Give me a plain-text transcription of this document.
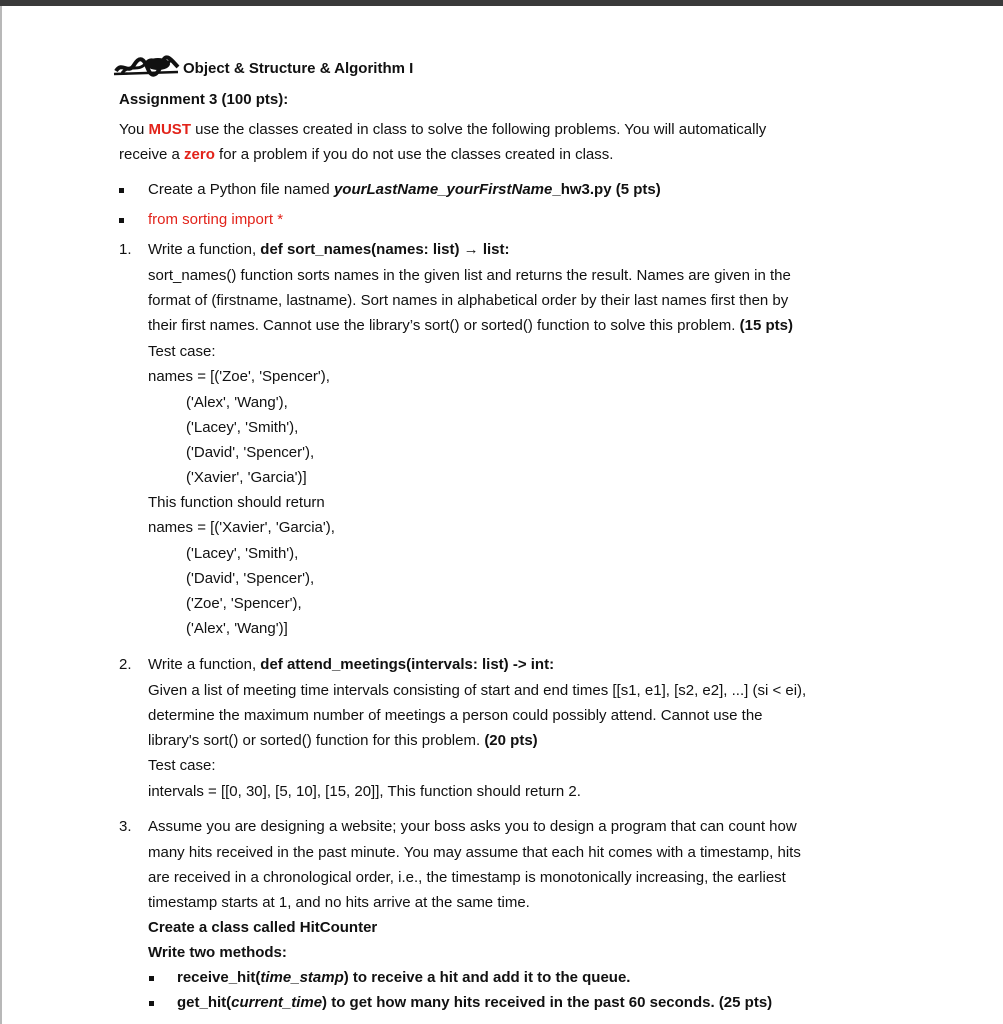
Object & Structure & Algorithm I
Assignment 3 (100 pts):
You MUST use the classes created in class to solve the following problems. You will automatically
receive a zero for a problem if you do not use the classes created in class.
Create a Python file named yourLastName_yourFirstName_hw3.py (5 pts)
from sorting import *
1. Write a function, def sort_names(names: list) → list:
sort_names() function sorts names in the given list and returns the result. Names are given in the
format of (firstname, lastname). Sort names in alphabetical order by their last names first then by
their first names. Cannot use the library’s sort() or sorted() function to solve this problem. (15 pts)
Test case:
names = [('Zoe', 'Spencer'),
('Alex', 'Wang'),
('Lacey', 'Smith'),
('David', 'Spencer'),
('Xavier', 'Garcia')]
This function should return
names = [('Xavier', 'Garcia'),
('Lacey', 'Smith'),
('David', 'Spencer'),
('Zoe', 'Spencer'),
('Alex', 'Wang')]
2. Write a function, def attend_meetings(intervals: list) -> int:
Given a list of meeting time intervals consisting of start and end times [[s1, e1], [s2, e2], ...] (si < ei),
determine the maximum number of meetings a person could possibly attend. Cannot use the
library's sort() or sorted() function for this problem. (20 pts)
Test case:
intervals = [[0, 30], [5, 10], [15, 20]], This function should return 2.
3. Assume you are designing a website; your boss asks you to design a program that can count how
many hits received in the past minute. You may assume that each hit comes with a timestamp, hits
are received in a chronological order, i.e., the timestamp is monotonically increasing, the earliest
timestamp starts at 1, and no hits arrive at the same time.
Create a class called HitCounter
Write two methods:
receive_hit(time_stamp) to receive a hit and add it to the queue.
get_hit(current_time) to get how many hits received in the past 60 seconds. (25 pts)
